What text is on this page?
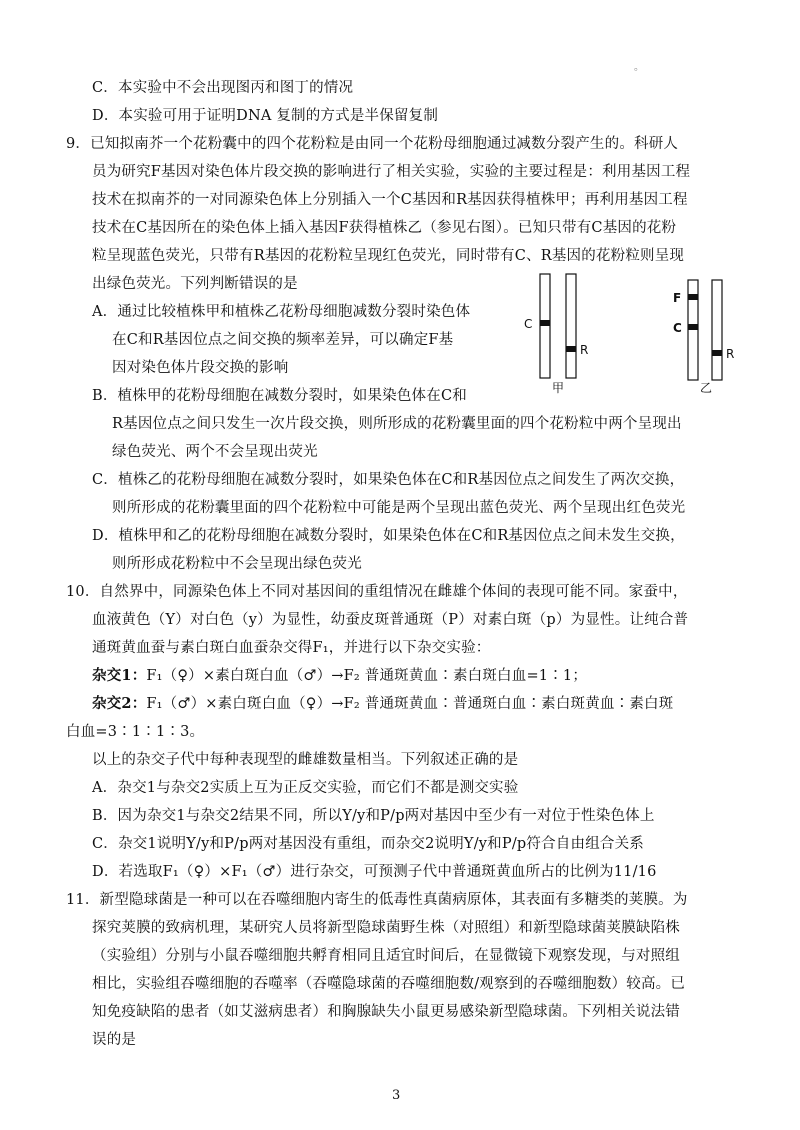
。
C．本实验中不会出现图丙和图丁的情况
D．本实验可用于证明DNA 复制的方式是半保留复制
9．已知拟南芥一个花粉囊中的四个花粉粒是由同一个花粉母细胞通过减数分裂产生的。科研人
员为研究F基因对染色体片段交换的影响进行了相关实验，实验的主要过程是：利用基因工程
技术在拟南芥的一对同源染色体上分别插入一个C基因和R基因获得植株甲；再利用基因工程
技术在C基因所在的染色体上插入基因F获得植株乙（参见右图）。已知只带有C基因的花粉
粒呈现蓝色荧光，只带有R基因的花粉粒呈现红色荧光，同时带有C、R基因的花粉粒则呈现
出绿色荧光。下列判断错误的是
A．通过比较植株甲和植株乙花粉母细胞减数分裂时染色体
在C和R基因位点之间交换的频率差异，可以确定F基
因对染色体片段交换的影响
B．植株甲的花粉母细胞在减数分裂时，如果染色体在C和
R基因位点之间只发生一次片段交换，则所形成的花粉囊里面的四个花粉粒中两个呈现出
绿色荧光、两个不会呈现出荧光
C．植株乙的花粉母细胞在减数分裂时，如果染色体在C和R基因位点之间发生了两次交换，
则所形成的花粉囊里面的四个花粉粒中可能是两个呈现出蓝色荧光、两个呈现出红色荧光
D．植株甲和乙的花粉母细胞在减数分裂时，如果染色体在C和R基因位点之间未发生交换，
则所形成花粉粒中不会呈现出绿色荧光
C
R
甲
F
C
R
乙
10．自然界中，同源染色体上不同对基因间的重组情况在雌雄个体间的表现可能不同。家蚕中，
血液黄色（Y）对白色（y）为显性，幼蚕皮斑普通斑（P）对素白斑（p）为显性。让纯合普
通斑黄血蚕与素白斑白血蚕杂交得F₁，并进行以下杂交实验：
杂交1：F₁（♀）×素白斑白血（♂）→F₂ 普通斑黄血∶素白斑白血=1∶1；
杂交2：F₁（♂）×素白斑白血（♀）→F₂ 普通斑黄血∶普通斑白血∶素白斑黄血∶素白斑
白血=3∶1∶1∶3。
以上的杂交子代中每种表现型的雌雄数量相当。下列叙述正确的是
A．杂交1与杂交2实质上互为正反交实验，而它们不都是测交实验
B．因为杂交1与杂交2结果不同，所以Y/y和P/p两对基因中至少有一对位于性染色体上
C．杂交1说明Y/y和P/p两对基因没有重组，而杂交2说明Y/y和P/p符合自由组合关系
D．若选取F₁（♀）×F₁（♂）进行杂交，可预测子代中普通斑黄血所占的比例为11/16
11．新型隐球菌是一种可以在吞噬细胞内寄生的低毒性真菌病原体，其表面有多糖类的荚膜。为
探究荚膜的致病机理，某研究人员将新型隐球菌野生株（对照组）和新型隐球菌荚膜缺陷株
（实验组）分别与小鼠吞噬细胞共孵育相同且适宜时间后，在显微镜下观察发现，与对照组
相比，实验组吞噬细胞的吞噬率（吞噬隐球菌的吞噬细胞数/观察到的吞噬细胞数）较高。已
知免疫缺陷的患者（如艾滋病患者）和胸腺缺失小鼠更易感染新型隐球菌。下列相关说法错
误的是
3
